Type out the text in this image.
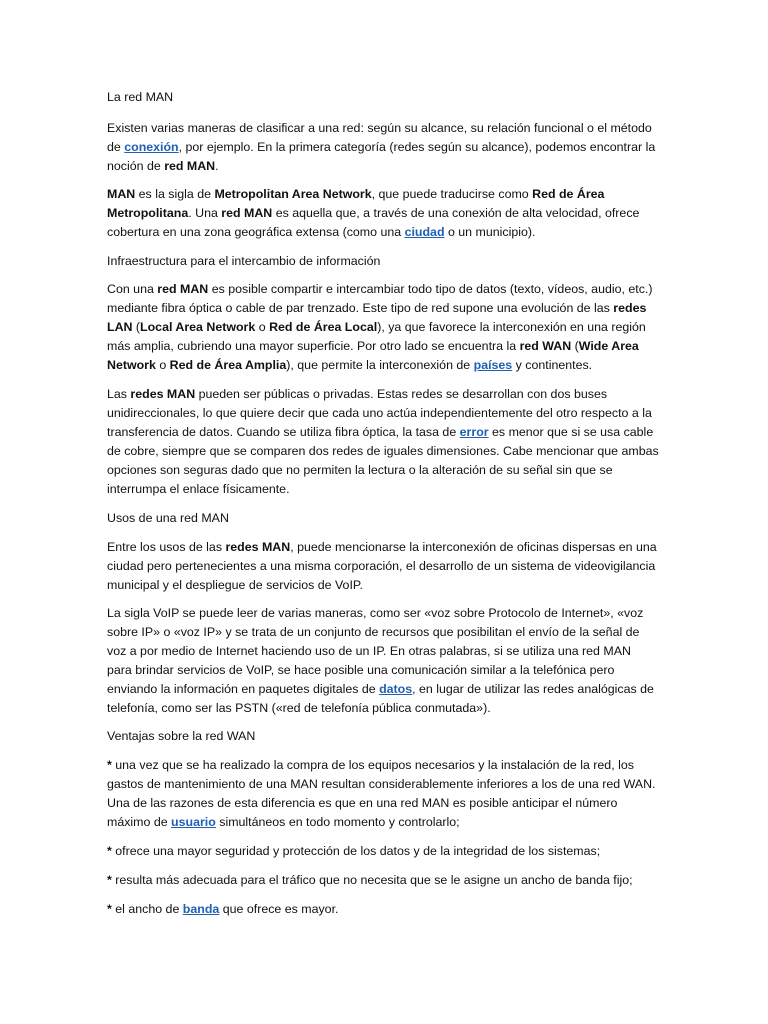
La red MAN

Existen varias maneras de clasificar a una red: según su alcance, su relación funcional o el método de conexión, por ejemplo. En la primera categoría (redes según su alcance), podemos encontrar la noción de red MAN.

MAN es la sigla de Metropolitan Area Network, que puede traducirse como Red de Área Metropolitana. Una red MAN es aquella que, a través de una conexión de alta velocidad, ofrece cobertura en una zona geográfica extensa (como una ciudad o un municipio).

Infraestructura para el intercambio de información

Con una red MAN es posible compartir e intercambiar todo tipo de datos (texto, vídeos, audio, etc.) mediante fibra óptica o cable de par trenzado. Este tipo de red supone una evolución de las redes LAN (Local Area Network o Red de Área Local), ya que favorece la interconexión en una región más amplia, cubriendo una mayor superficie. Por otro lado se encuentra la red WAN (Wide Area Network o Red de Área Amplia), que permite la interconexión de países y continentes.

Las redes MAN pueden ser públicas o privadas. Estas redes se desarrollan con dos buses unidireccionales, lo que quiere decir que cada uno actúa independientemente del otro respecto a la transferencia de datos. Cuando se utiliza fibra óptica, la tasa de error es menor que si se usa cable de cobre, siempre que se comparen dos redes de iguales dimensiones. Cabe mencionar que ambas opciones son seguras dado que no permiten la lectura o la alteración de su señal sin que se interrumpa el enlace físicamente.

Usos de una red MAN

Entre los usos de las redes MAN, puede mencionarse la interconexión de oficinas dispersas en una ciudad pero pertenecientes a una misma corporación, el desarrollo de un sistema de videovigilancia municipal y el despliegue de servicios de VoIP.

La sigla VoIP se puede leer de varias maneras, como ser «voz sobre Protocolo de Internet», «voz sobre IP» o «voz IP» y se trata de un conjunto de recursos que posibilitan el envío de la señal de voz a por medio de Internet haciendo uso de un IP. En otras palabras, si se utiliza una red MAN para brindar servicios de VoIP, se hace posible una comunicación similar a la telefónica pero enviando la información en paquetes digitales de datos, en lugar de utilizar las redes analógicas de telefonía, como ser las PSTN («red de telefonía pública conmutada»).

Ventajas sobre la red WAN

* una vez que se ha realizado la compra de los equipos necesarios y la instalación de la red, los gastos de mantenimiento de una MAN resultan considerablemente inferiores a los de una red WAN. Una de las razones de esta diferencia es que en una red MAN es posible anticipar el número máximo de usuario simultáneos en todo momento y controlarlo;

* ofrece una mayor seguridad y protección de los datos y de la integridad de los sistemas;

* resulta más adecuada para el tráfico que no necesita que se le asigne un ancho de banda fijo;

* el ancho de banda que ofrece es mayor.
